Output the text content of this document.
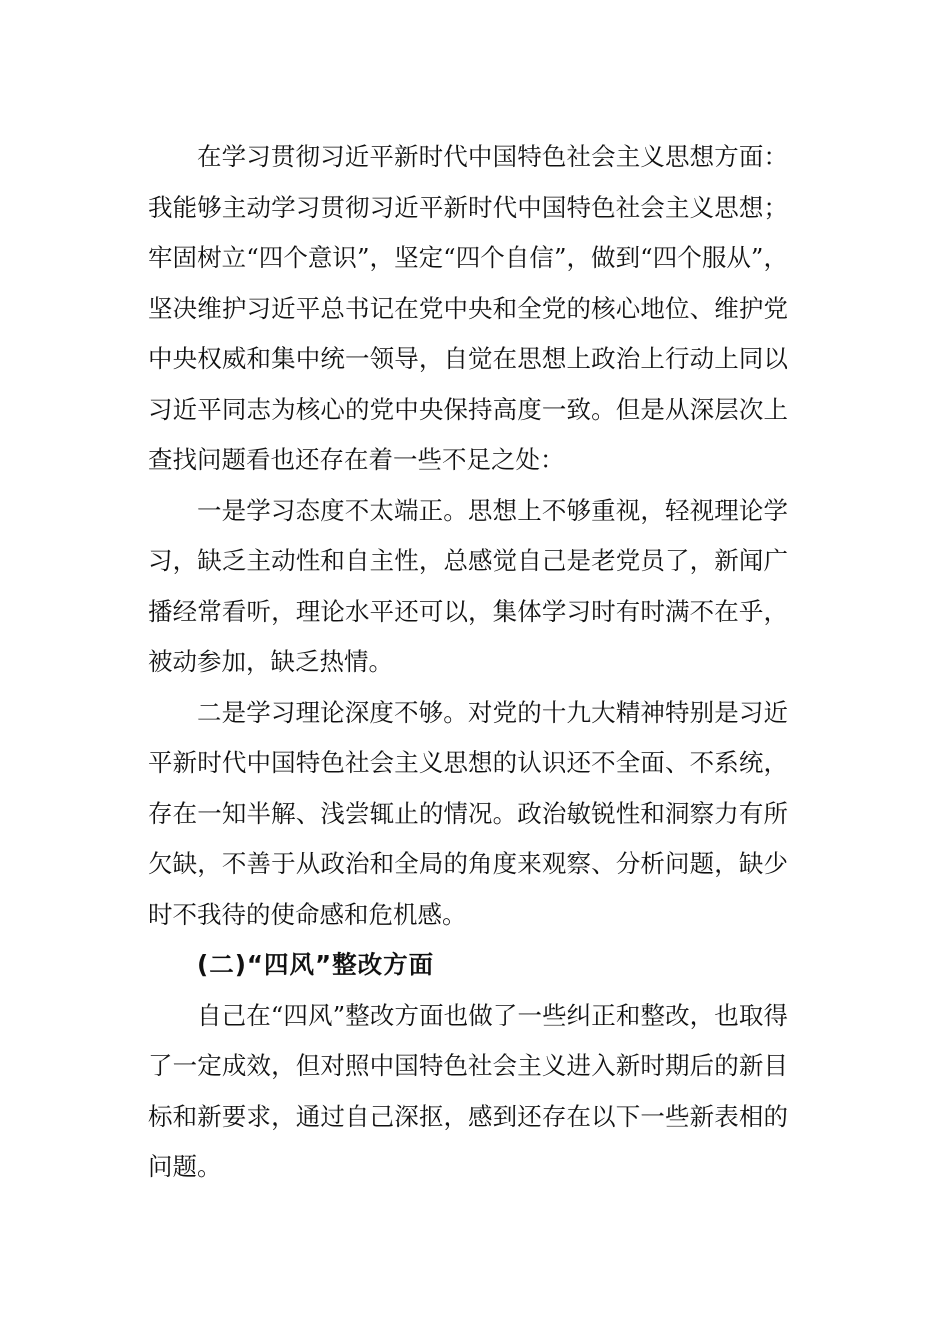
在学习贯彻习近平新时代中国特色社会主义思想方面：我能够主动学习贯彻习近平新时代中国特色社会主义思想；牢固树立“四个意识”，坚定“四个自信”，做到“四个服从”，坚决维护习近平总书记在党中央和全党的核心地位、维护党中央权威和集中统一领导，自觉在思想上政治上行动上同以习近平同志为核心的党中央保持高度一致。但是从深层次上查找问题看也还存在着一些不足之处：

一是学习态度不太端正。思想上不够重视，轻视理论学习，缺乏主动性和自主性，总感觉自己是老党员了，新闻广播经常看听，理论水平还可以，集体学习时有时满不在乎，被动参加，缺乏热情。

二是学习理论深度不够。对党的十九大精神特别是习近平新时代中国特色社会主义思想的认识还不全面、不系统，存在一知半解、浅尝辄止的情况。政治敏锐性和洞察力有所欠缺，不善于从政治和全局的角度来观察、分析问题，缺少时不我待的使命感和危机感。

(二)“四风”整改方面

自己在“四风”整改方面也做了一些纠正和整改，也取得了一定成效，但对照中国特色社会主义进入新时期后的新目标和新要求，通过自己深抠，感到还存在以下一些新表相的问题。
